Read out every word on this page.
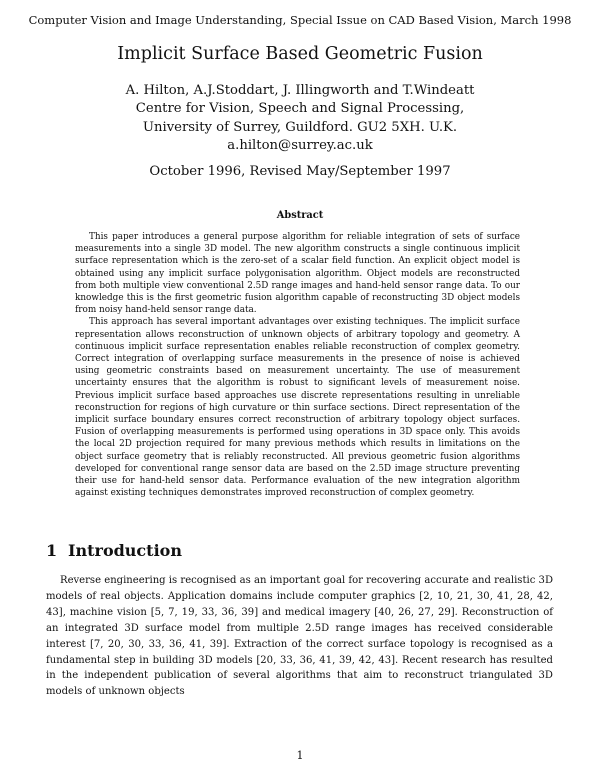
Computer Vision and Image Understanding, Special Issue on CAD Based Vision, March 1998
Implicit Surface Based Geometric Fusion
A. Hilton, A.J.Stoddart, J. Illingworth and T.Windeatt
Centre for Vision, Speech and Signal Processing,
University of Surrey, Guildford. GU2 5XH. U.K.
a.hilton@surrey.ac.uk
October 1996, Revised May/September 1997
Abstract

This paper introduces a general purpose algorithm for reliable integration of sets of surface measurements into a single 3D model. The new algorithm constructs a single continuous implicit surface representation which is the zero-set of a scalar field function. An explicit object model is obtained using any implicit surface polygonisation algorithm. Object models are reconstructed from both multiple view conventional 2.5D range images and hand-held sensor range data. To our knowledge this is the first geometric fusion algorithm capable of reconstructing 3D object models from noisy hand-held sensor range data.

This approach has several important advantages over existing techniques. The implicit surface representation allows reconstruction of unknown objects of arbitrary topology and geometry. A continuous implicit surface representation enables reliable reconstruction of complex geometry. Correct integration of overlapping surface measurements in the presence of noise is achieved using geometric constraints based on measurement uncertainty. The use of measurement uncertainty ensures that the algorithm is robust to significant levels of measurement noise. Previous implicit surface based approaches use discrete representations resulting in unreliable reconstruction for regions of high curvature or thin surface sections. Direct representation of the implicit surface boundary ensures correct reconstruction of arbitrary topology object surfaces. Fusion of overlapping measurements is performed using operations in 3D space only. This avoids the local 2D projection required for many previous methods which results in limitations on the object surface geometry that is reliably reconstructed. All previous geometric fusion algorithms developed for conventional range sensor data are based on the 2.5D image structure preventing their use for hand-held sensor data. Performance evaluation of the new integration algorithm against existing techniques demonstrates improved reconstruction of complex geometry.

1 Introduction

Reverse engineering is recognised as an important goal for recovering accurate and realistic 3D models of real objects. Application domains include computer graphics [2, 10, 21, 30, 41, 28, 42, 43], machine vision [5, 7, 19, 33, 36, 39] and medical imagery [40, 26, 27, 29]. Reconstruction of an integrated 3D surface model from multiple 2.5D range images has received considerable interest [7, 20, 30, 33, 36, 41, 39]. Extraction of the correct surface topology is recognised as a fundamental step in building 3D models [20, 33, 36, 41, 39, 42, 43]. Recent research has resulted in the independent publication of several algorithms that aim to reconstruct triangulated 3D models of unknown objects

1
